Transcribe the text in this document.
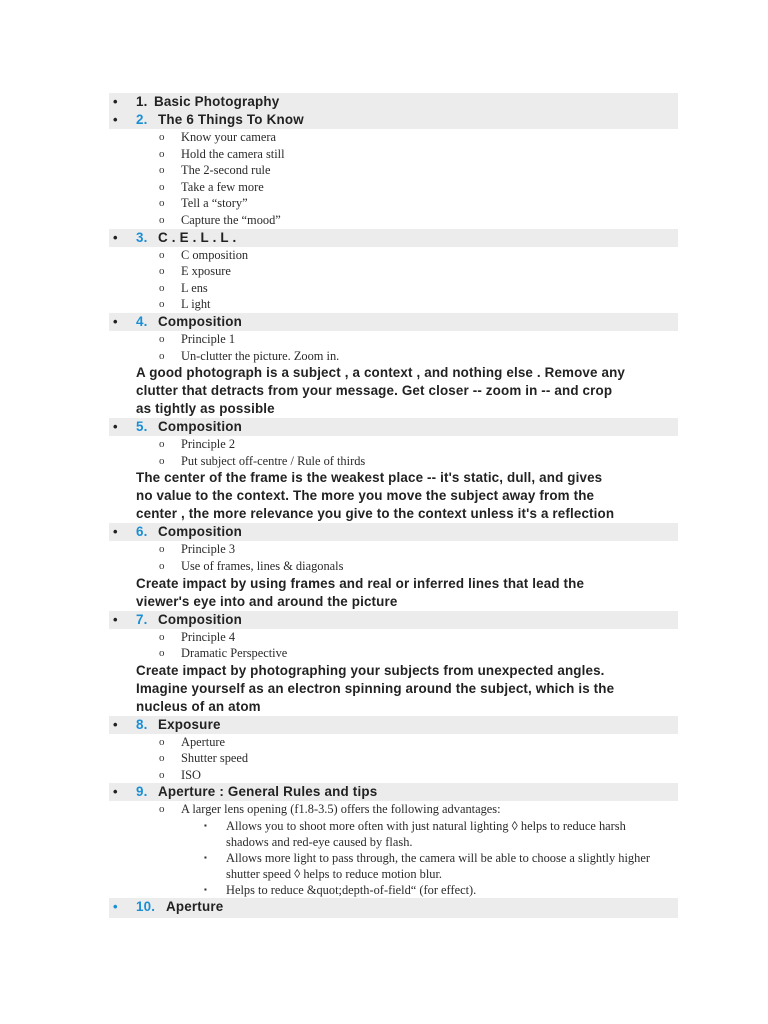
• 1. Basic Photography
• 2. The 6 Things To Know
o Know your camera
o Hold the camera still
o The 2-second rule
o Take a few more
o Tell a “story”
o Capture the “mood”
• 3. C . E . L . L .
o C omposition
o E xposure
o L ens
o L ight
• 4. Composition
o Principle 1
o Un-clutter the picture. Zoom in.
A good photograph is a subject , a context , and nothing else . Remove any
clutter that detracts from your message. Get closer -- zoom in -- and crop
as tightly as possible
• 5. Composition
o Principle 2
o Put subject off-centre / Rule of thirds
The center of the frame is the weakest place -- it's static, dull, and gives
no value to the context. The more you move the subject away from the
center , the more relevance you give to the context unless it's a reflection
• 6. Composition
o Principle 3
o Use of frames, lines & diagonals
Create impact by using frames and real or inferred lines that lead the
viewer's eye into and around the picture
• 7. Composition
o Principle 4
o Dramatic Perspective
Create impact by photographing your subjects from unexpected angles.
Imagine yourself as an electron spinning around the subject, which is the
nucleus of an atom
• 8. Exposure
o Aperture
o Shutter speed
o ISO
• 9. Aperture : General Rules and tips
o A larger lens opening (f1.8-3.5) offers the following advantages:
▪ Allows you to shoot more often with just natural lighting ◊ helps to reduce harsh
shadows and red-eye caused by flash.
▪ Allows more light to pass through, the camera will be able to choose a slightly higher
shutter speed ◊ helps to reduce motion blur.
▪ Helps to reduce &quot;depth-of-field“ (for effect).
• 10. Aperture
